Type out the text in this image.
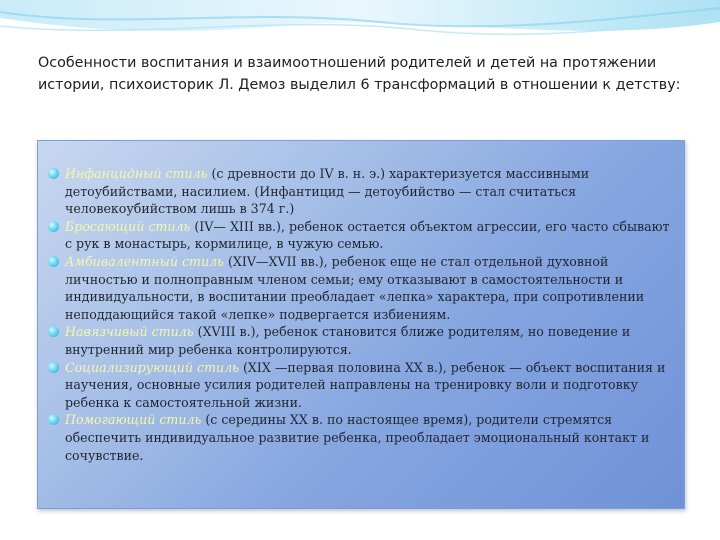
Особенности воспитания и взаимоотношений родителей и детей на протяжении истории, психоисторик Л. Демоз выделил 6 трансформаций в отношении к детству:

Инфанцидный стиль (с древности до IV в. н. э.) характеризуется массивными детоубийствами, насилием. (Инфантицид — детоубийство — стал считаться человекоубийством лишь в 374 г.)
Бросающий стиль (IV— XIII вв.), ребенок остается объектом агрессии, его часто сбывают с рук в монастырь, кормилице, в чужую семью.
Амбивалентный стиль (XIV—XVII вв.), ребенок еще не стал отдельной духовной личностью и полноправным членом семьи; ему отказывают в самостоятельности и индивидуальности, в воспитании преобладает «лепка» характера, при сопротивлении неподдающийся такой «лепке» подвергается избиениям.
Навязчивый стиль (XVIII в.), ребенок становится ближе родителям, но поведение и внутренний мир ребенка контролируются.
Социализирующий стиль (XIX —первая половина XX в.), ребенок — объект воспитания и научения, основные усилия родителей направлены на тренировку воли и подготовку ребенка к самостоятельной жизни.
Помогающий стиль (с середины XX в. по настоящее время), родители стремятся обеспечить индивидуальное развитие ребенка, преобладает эмоциональный контакт и сочувствие.
